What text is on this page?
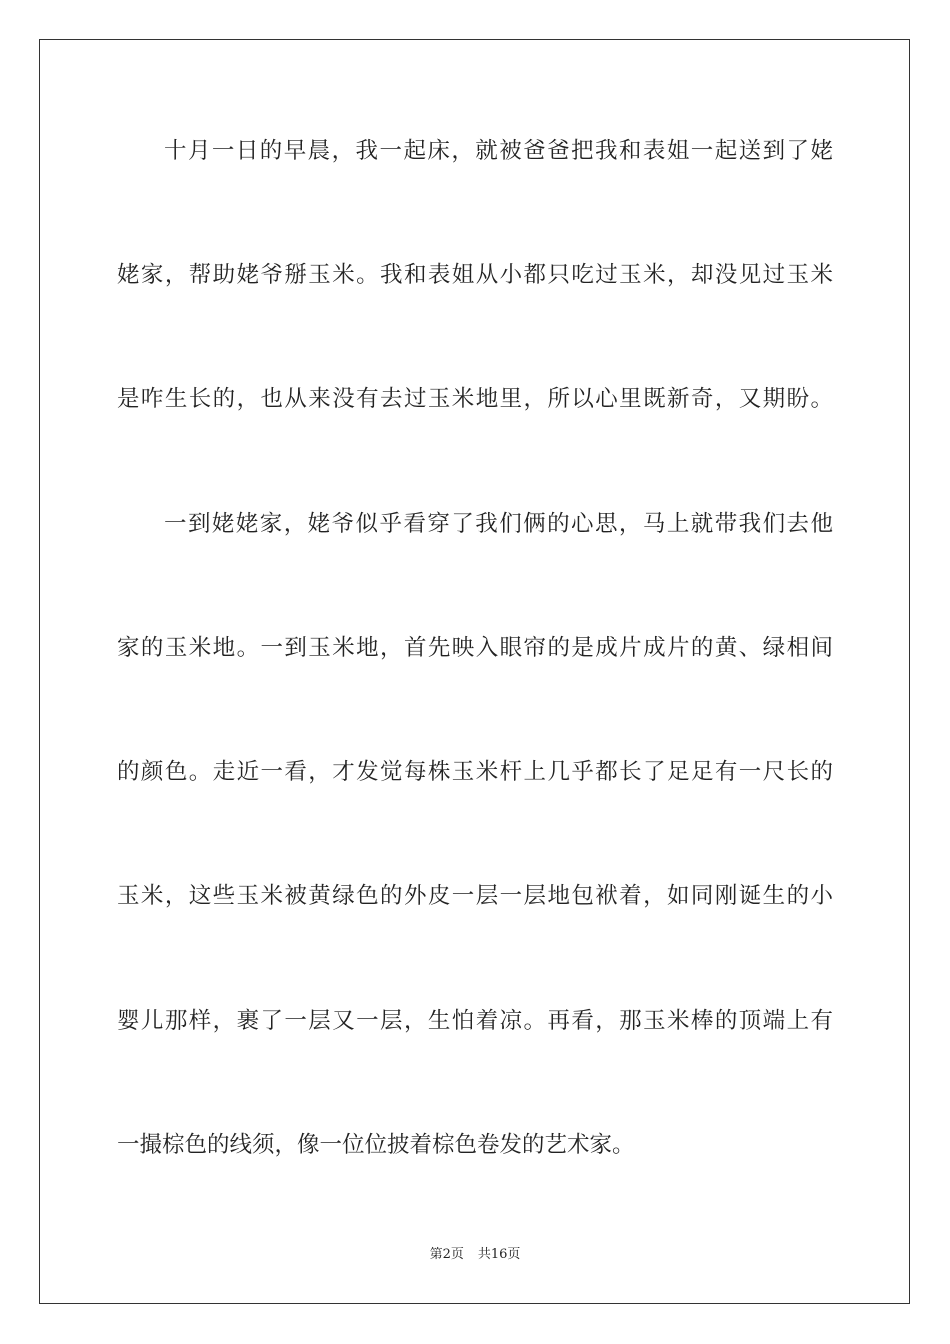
十月一日的早晨，我一起床，就被爸爸把我和表姐一起送到了姥
姥家，帮助姥爷掰玉米。我和表姐从小都只吃过玉米，却没见过玉米
是咋生长的，也从来没有去过玉米地里，所以心里既新奇，又期盼。
一到姥姥家，姥爷似乎看穿了我们俩的心思，马上就带我们去他
家的玉米地。一到玉米地，首先映入眼帘的是成片成片的黄、绿相间
的颜色。走近一看，才发觉每株玉米杆上几乎都长了足足有一尺长的
玉米，这些玉米被黄绿色的外皮一层一层地包袱着，如同刚诞生的小
婴儿那样，裹了一层又一层，生怕着凉。再看，那玉米棒的顶端上有
一撮棕色的线须，像一位位披着棕色卷发的艺术家。
第2页 共16页
